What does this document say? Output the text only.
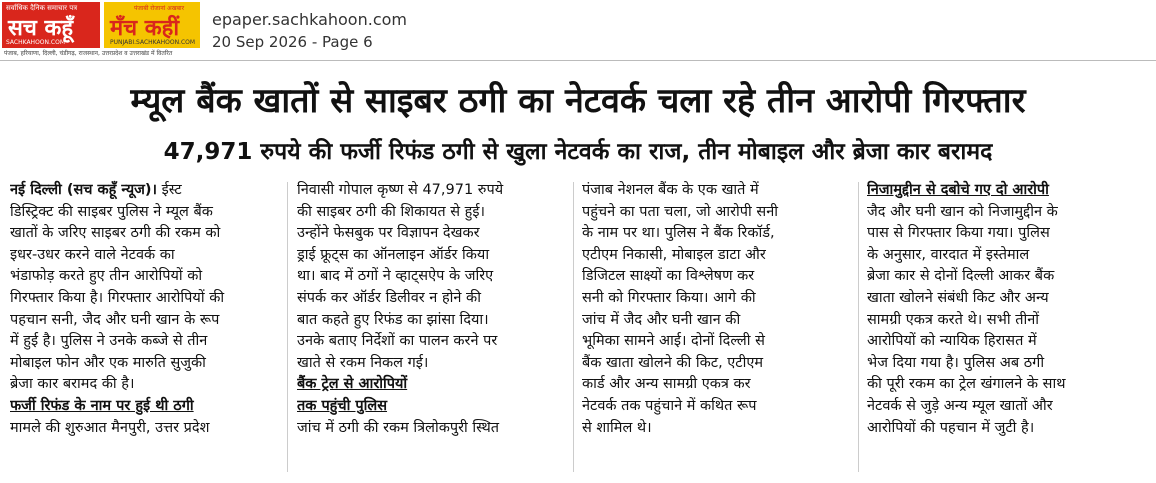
सर्वाधिक दैनिक समाचार पत्र
सच कहूँ
SACHKAHOON.COM
पंजाबी रोजानां अखबार
मँच कहीं
PUNJABI.SACHKAHOON.COM
पंजाब, हरियाणा, दिल्ली, चंडीगढ़, राजस्थान, उत्तरप्रदेश व उत्तराखंड में वितरित
epaper.sachkahoon.com
20 Sep 2026 - Page 6
म्यूल बैंक खातों से साइबर ठगी का नेटवर्क चला रहे तीन आरोपी गिरफ्तार
47,971 रुपये की फर्जी रिफंड ठगी से खुला नेटवर्क का राज, तीन मोबाइल और ब्रेजा कार बरामद
नई दिल्ली (सच कहूँ न्यूज)। ईस्ट
डिस्ट्रिक्ट की साइबर पुलिस ने म्यूल बैंक
खातों के जरिए साइबर ठगी की रकम को
इधर-उधर करने वाले नेटवर्क का
भंडाफोड़ करते हुए तीन आरोपियों को
गिरफ्तार किया है। गिरफ्तार आरोपियों की
पहचान सनी, जैद और घनी खान के रूप
में हुई है। पुलिस ने उनके कब्जे से तीन
मोबाइल फोन और एक मारुति सुजुकी
ब्रेजा कार बरामद की है।
फर्जी रिफंड के नाम पर हुई थी ठगी
मामले की शुरुआत मैनपुरी, उत्तर प्रदेश
निवासी गोपाल कृष्ण से 47,971 रुपये
की साइबर ठगी की शिकायत से हुई।
उन्होंने फेसबुक पर विज्ञापन देखकर
ड्राई फ्रूट्स का ऑनलाइन ऑर्डर किया
था। बाद में ठगों ने व्हाट्सऐप के जरिए
संपर्क कर ऑर्डर डिलीवर न होने की
बात कहते हुए रिफंड का झांसा दिया।
उनके बताए निर्देशों का पालन करने पर
खाते से रकम निकल गई।
बैंक ट्रेल से आरोपियों
तक पहुंची पुलिस
जांच में ठगी की रकम त्रिलोकपुरी स्थित
पंजाब नेशनल बैंक के एक खाते में
पहुंचने का पता चला, जो आरोपी सनी
के नाम पर था। पुलिस ने बैंक रिकॉर्ड,
एटीएम निकासी, मोबाइल डाटा और
डिजिटल साक्ष्यों का विश्लेषण कर
सनी को गिरफ्तार किया। आगे की
जांच में जैद और घनी खान की
भूमिका सामने आई। दोनों दिल्ली से
बैंक खाता खोलने की किट, एटीएम
कार्ड और अन्य सामग्री एकत्र कर
नेटवर्क तक पहुंचाने में कथित रूप
से शामिल थे।
निजामुद्दीन से दबोचे गए दो आरोपी
जैद और घनी खान को निजामुद्दीन के
पास से गिरफ्तार किया गया। पुलिस
के अनुसार, वारदात में इस्तेमाल
ब्रेजा कार से दोनों दिल्ली आकर बैंक
खाता खोलने संबंधी किट और अन्य
सामग्री एकत्र करते थे। सभी तीनों
आरोपियों को न्यायिक हिरासत में
भेज दिया गया है। पुलिस अब ठगी
की पूरी रकम का ट्रेल खंगालने के साथ
नेटवर्क से जुड़े अन्य म्यूल खातों और
आरोपियों की पहचान में जुटी है।
